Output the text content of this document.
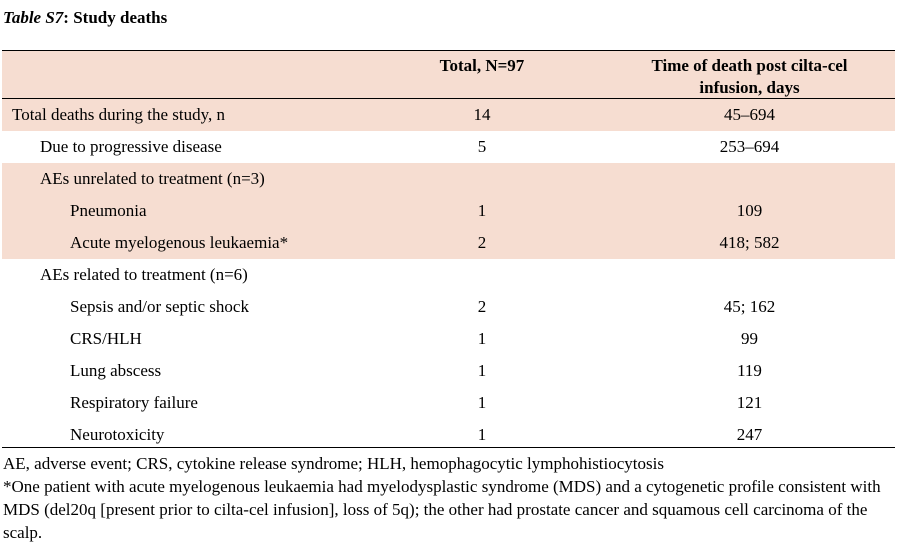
Table S7: Study deaths
Total, N=97	Time of death post cilta-cel
infusion, days
Total deaths during the study, n	14	45–694
Due to progressive disease	5	253–694
AEs unrelated to treatment (n=3)
Pneumonia	1	109
Acute myelogenous leukaemia*	2	418; 582
AEs related to treatment (n=6)
Sepsis and/or septic shock	2	45; 162
CRS/HLH	1	99
Lung abscess	1	119
Respiratory failure	1	121
Neurotoxicity	1	247

AE, adverse event; CRS, cytokine release syndrome; HLH, hemophagocytic lymphohistiocytosis

*One patient with acute myelogenous leukaemia had myelodysplastic syndrome (MDS) and a cytogenetic profile consistent with MDS (del20q [present prior to cilta-cel infusion], loss of 5q); the other had prostate cancer and squamous cell carcinoma of the scalp.
